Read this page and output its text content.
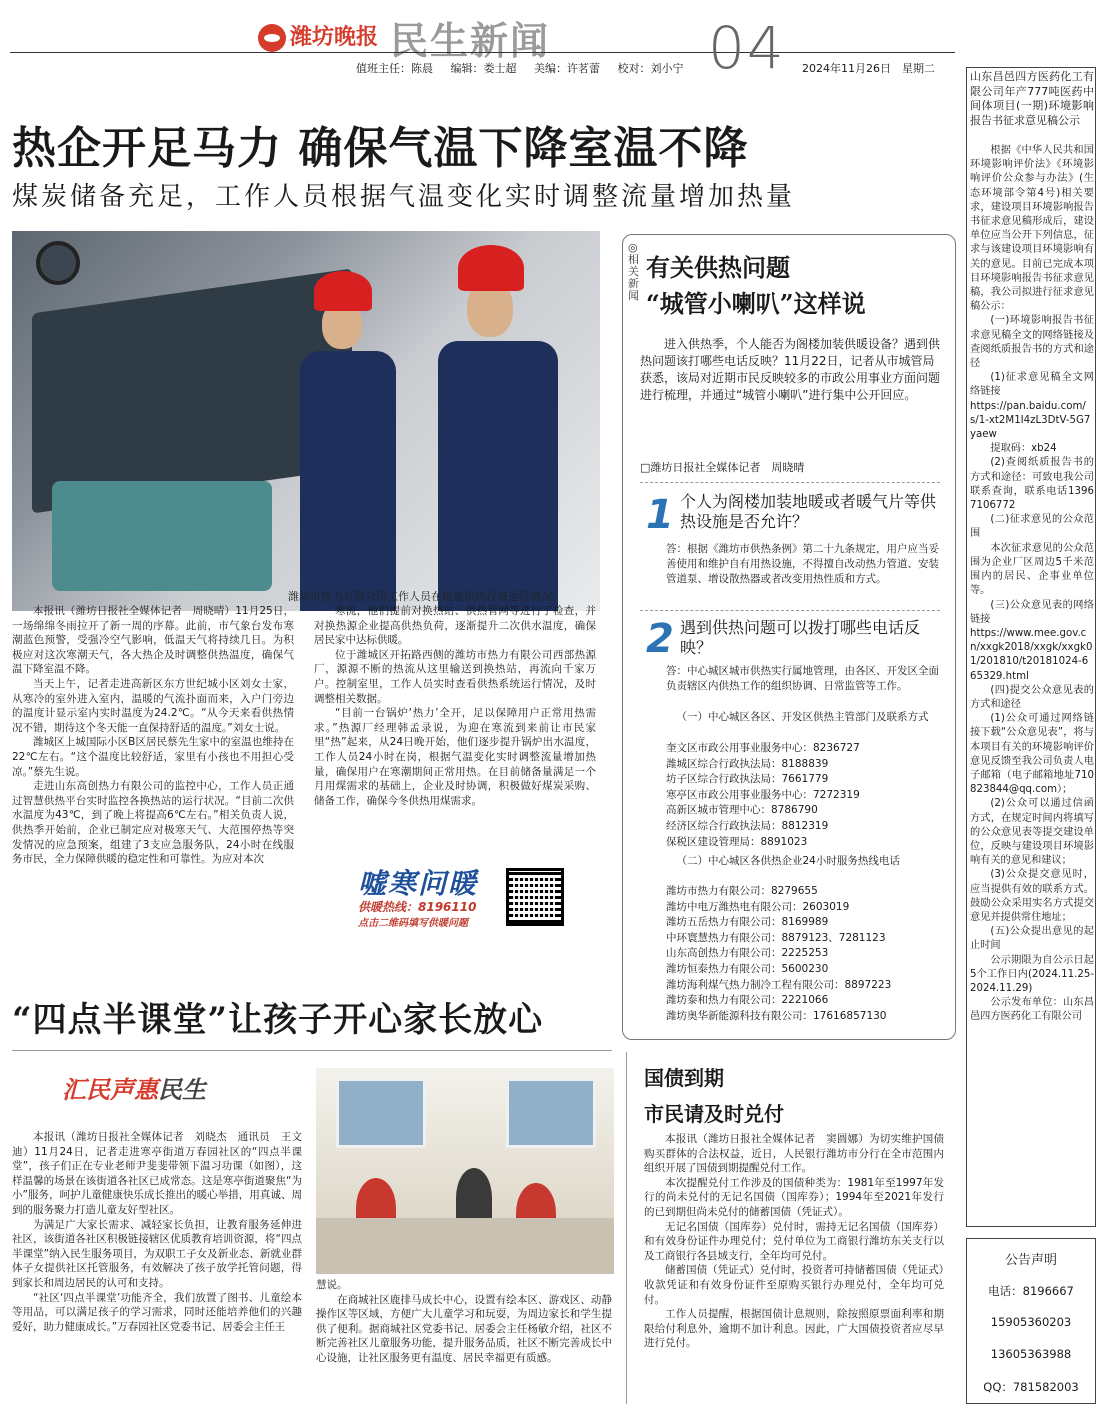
潍坊晚报 民生新闻	04
值班主任：陈晨 编辑：娄士超 美编：许茗蕾 校对：刘小宁	2024年11月26日　星期二
热企开足马力 确保气温下降室温不降
煤炭储备充足，工作人员根据气温变化实时调整流量增加热量
潍坊市热力有限公司工作人员在检查供热设备运行情况。

本报讯（潍坊日报社全媒体记者　周晓晴）11月25日，一场绵绵冬雨拉开了新一周的序幕。此前，市气象台发布寒潮蓝色预警，受强冷空气影响，低温天气将持续几日。为积极应对这次寒潮天气，各大热企及时调整供热温度，确保气温下降室温不降。

当天上午，记者走进高新区东方世纪城小区刘女士家，从寒冷的室外进入室内，温暖的气流扑面而来，入户门旁边的温度计显示室内实时温度为24.2℃。“从今天来看供热情况不错，期待这个冬天能一直保持舒适的温度。”刘女士说。

潍城区上城国际小区B区居民蔡先生家中的室温也维持在22℃左右。“这个温度比较舒适，家里有小孩也不用担心受凉。”蔡先生说。

走进山东高创热力有限公司的监控中心，工作人员正通过智慧供热平台实时监控各换热站的运行状况。“目前二次供水温度为43℃，到了晚上将提高6℃左右。”相关负责人说，供热季开始前，企业已制定应对极寒天气、大范围停热等突发情况的应急预案，组建了3支应急服务队，24小时在线服务市民，全力保障供暖的稳定性和可靠性。为应对本次

寒流，他们提前对换热站、供热管网等进行了检查，并对换热源企业提高供热负荷，逐渐提升二次供水温度，确保居民家中达标供暖。

位于潍城区开拓路西侧的潍坊市热力有限公司西部热源厂，源源不断的热流从这里输送到换热站，再流向千家万户。控制室里，工作人员实时查看供热系统运行情况，及时调整相关数据。

“目前一台锅炉‘热力’全开，足以保障用户正常用热需求。”热源厂经理韩孟录说，为迎在寒流到来前让市民家里“热”起来，从24日晚开始，他们逐步提升锅炉出水温度，工作人员24小时在岗，根据气温变化实时调整流量增加热量，确保用户在寒潮期间正常用热。在目前储备量满足一个月用煤需求的基础上，企业及时协调，积极做好煤炭采购、储备工作，确保今冬供热用煤需求。

嘘寒问暖
供暖热线：8196110
点击二维码填写供暖问题
◎相关新闻
有关供热问题
“城管小喇叭”这样说
进入供热季，个人能否为阁楼加装供暖设备？遇到供热问题该打哪些电话反映？11月22日，记者从市城管局获悉，该局对近期市民反映较多的市政公用事业方面问题进行梳理，并通过“城管小喇叭”进行集中公开回应。
□潍坊日报社全媒体记者　周晓晴
1 个人为阁楼加装地暖或者暖气片等供热设施是否允许？
答：根据《潍坊市供热条例》第二十九条规定，用户应当妥善使用和维护自有用热设施，不得擅自改动热力管道、安装管道泵、增设散热器或者改变用热性质和方式。
2 遇到供热问题可以拨打哪些电话反映？
答：中心城区城市供热实行属地管理，由各区、开发区全面负责辖区内供热工作的组织协调、日常监管等工作。
（一）中心城区各区、开发区供热主管部门及联系方式
奎文区市政公用事业服务中心：8236727
潍城区综合行政执法局：8188839
坊子区综合行政执法局：7661779
寒亭区市政公用事业服务中心：7272319
高新区城市管理中心：8786790
经济区综合行政执法局：8812319
保税区建设管理局：8891023
（二）中心城区各供热企业24小时服务热线电话
潍坊市热力有限公司：8279655
潍坊中电万潍热电有限公司：2603019
潍坊五岳热力有限公司：8169989
中环寰慧热力有限公司：8879123、7281123
山东高创热力有限公司：2225253
潍坊恒泰热力有限公司：5600230
潍坊海利煤气热力制冷工程有限公司：8897223
潍坊泰和热力有限公司：2221066
潍坊奥华新能源科技有限公司：17616857130
“四点半课堂”让孩子开心家长放心
汇民声惠民生

本报讯（潍坊日报社全媒体记者　刘晓杰　通讯员　王文迪）11月24日，记者走进寒亭街道万春园社区的“四点半课堂”，孩子们正在专业老师尹斐斐带领下温习功课（如图），这样温馨的场景在该街道各社区已成常态。这是寒亭街道聚焦“为小”服务，呵护儿童健康快乐成长推出的暖心举措，用真诚、周到的服务聚力打造儿童友好型社区。

为满足广大家长需求、减轻家长负担，让教育服务延伸进社区，该街道各社区积极链接辖区优质教育培训资源，将“四点半课堂”纳入民生服务项目，为双职工子女及新业态、新就业群体子女提供社区托管服务，有效解决了孩子放学托管问题，得到家长和周边居民的认可和支持。

“社区‘四点半课堂’功能齐全，我们放置了图书、儿童绘本等用品，可以满足孩子的学习需求，同时还能培养他们的兴趣爱好，助力健康成长。”万春园社区党委书记、居委会主任王

慧说。

在商城社区鹿排马成长中心，设置有绘本区、游戏区、动静操作区等区域，方便广大儿童学习和玩耍，为周边家长和学生提供了便利。据商城社区党委书记、居委会主任杨敏介绍，社区不断完善社区儿童服务功能，提升服务品质，社区不断完善成长中心设施，让社区服务更有温度、居民幸福更有质感。

国债到期
市民请及时兑付

本报讯（潍坊日报社全媒体记者　窦圆娜）为切实维护国债购买群体的合法权益，近日，人民银行潍坊市分行在全市范围内组织开展了国债到期提醒兑付工作。

本次提醒兑付工作涉及的国债种类为：1981年至1997年发行的尚未兑付的无记名国债（国库券）；1994年至2021年发行的已到期但尚未兑付的储蓄国债（凭证式）。

无记名国债（国库券）兑付时，需持无记名国债（国库券）和有效身份证件办理兑付；兑付单位为工商银行潍坊东关支行以及工商银行各县域支行，全年均可兑付。

储蓄国债（凭证式）兑付时，投资者可持储蓄国债（凭证式）收款凭证和有效身份证件至原购买银行办理兑付，全年均可兑付。

工作人员提醒，根据国债计息规则，除按照原票面利率和期限给付利息外，逾期不加计利息。因此，广大国债投资者应尽早进行兑付。

山东昌邑四方医药化工有限公司年产777吨医药中间体项目(一期)环境影响报告书征求意见稿公示

根据《中华人民共和国环境影响评价法》《环境影响评价公众参与办法》(生态环境部令第4号)相关要求，建设项目环境影响报告书征求意见稿形成后，建设单位应当公开下列信息，征求与该建设项目环境影响有关的意见。目前已完成本项目环境影响报告书征求意见稿，我公司拟进行征求意见稿公示：

(一)环境影响报告书征求意见稿全文的网络链接及查阅纸质报告书的方式和途径

(1)征求意见稿全文网络链接

https://pan.baidu.com/s/1-xt2M1I4zL3DtV-5G7yaew

提取码：xb24

(2)查阅纸质报告书的方式和途径：可致电我公司联系查询，联系电话13967106772

(二)征求意见的公众范围

本次征求意见的公众范围为企业厂区周边5千米范围内的居民、企事业单位等。

(三)公众意见表的网络链接

https://www.mee.gov.cn/xxgk2018/xxgk/xxgk01/201810/t20181024-665329.html

(四)提交公众意见表的方式和途径

(1)公众可通过网络链接下载“公众意见表”，将与本项目有关的环境影响评价意见反馈至我公司负责人电子邮箱（电子邮箱地址710823844@qq.com）；

(2)公众可以通过信函方式，在规定时间内将填写的公众意见表等提交建设单位，反映与建设项目环境影响有关的意见和建议；

(3)公众提交意见时，应当提供有效的联系方式。鼓励公众采用实名方式提交意见并提供常住地址；

(五)公众提出意见的起止时间

公示期限为自公示日起5个工作日内(2024.11.25-2024.11.29)

公示发布单位：山东昌邑四方医药化工有限公司

公告声明
电话：8196667
15905360203
13605363988
QQ：781582003
